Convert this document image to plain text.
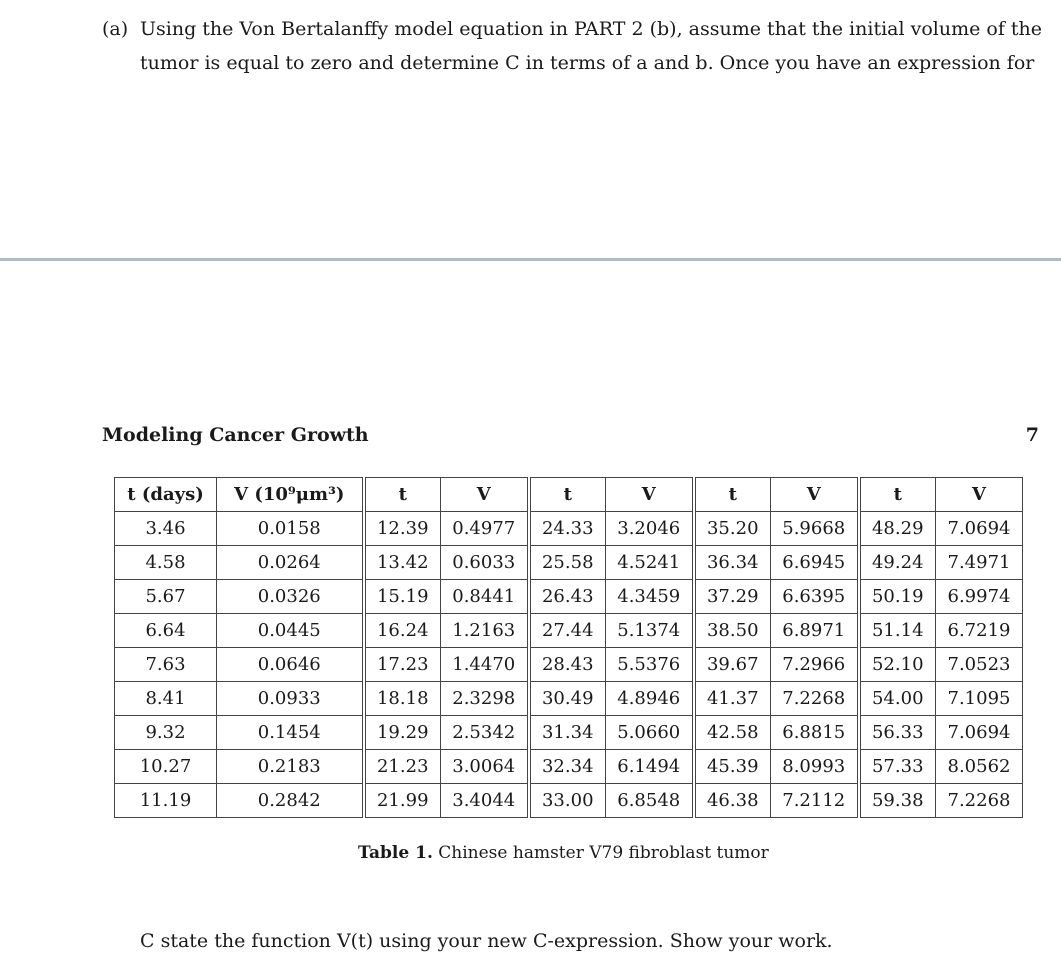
(a) Using the Von Bertalanffy model equation in PART 2 (b), assume that the initial volume of the
tumor is equal to zero and determine C in terms of a and b. Once you have an expression for
Modeling Cancer Growth	7
t (days)	V (10⁹μm³)	t	V	t	V	t	V	t	V
3.46	0.0158	12.39	0.4977	24.33	3.2046	35.20	5.9668	48.29	7.0694
4.58	0.0264	13.42	0.6033	25.58	4.5241	36.34	6.6945	49.24	7.4971
5.67	0.0326	15.19	0.8441	26.43	4.3459	37.29	6.6395	50.19	6.9974
6.64	0.0445	16.24	1.2163	27.44	5.1374	38.50	6.8971	51.14	6.7219
7.63	0.0646	17.23	1.4470	28.43	5.5376	39.67	7.2966	52.10	7.0523
8.41	0.0933	18.18	2.3298	30.49	4.8946	41.37	7.2268	54.00	7.1095
9.32	0.1454	19.29	2.5342	31.34	5.0660	42.58	6.8815	56.33	7.0694
10.27	0.2183	21.23	3.0064	32.34	6.1494	45.39	8.0993	57.33	8.0562
11.19	0.2842	21.99	3.4044	33.00	6.8548	46.38	7.2112	59.38	7.2268
Table 1. Chinese hamster V79 fibroblast tumor
C state the function V(t) using your new C-expression. Show your work.
